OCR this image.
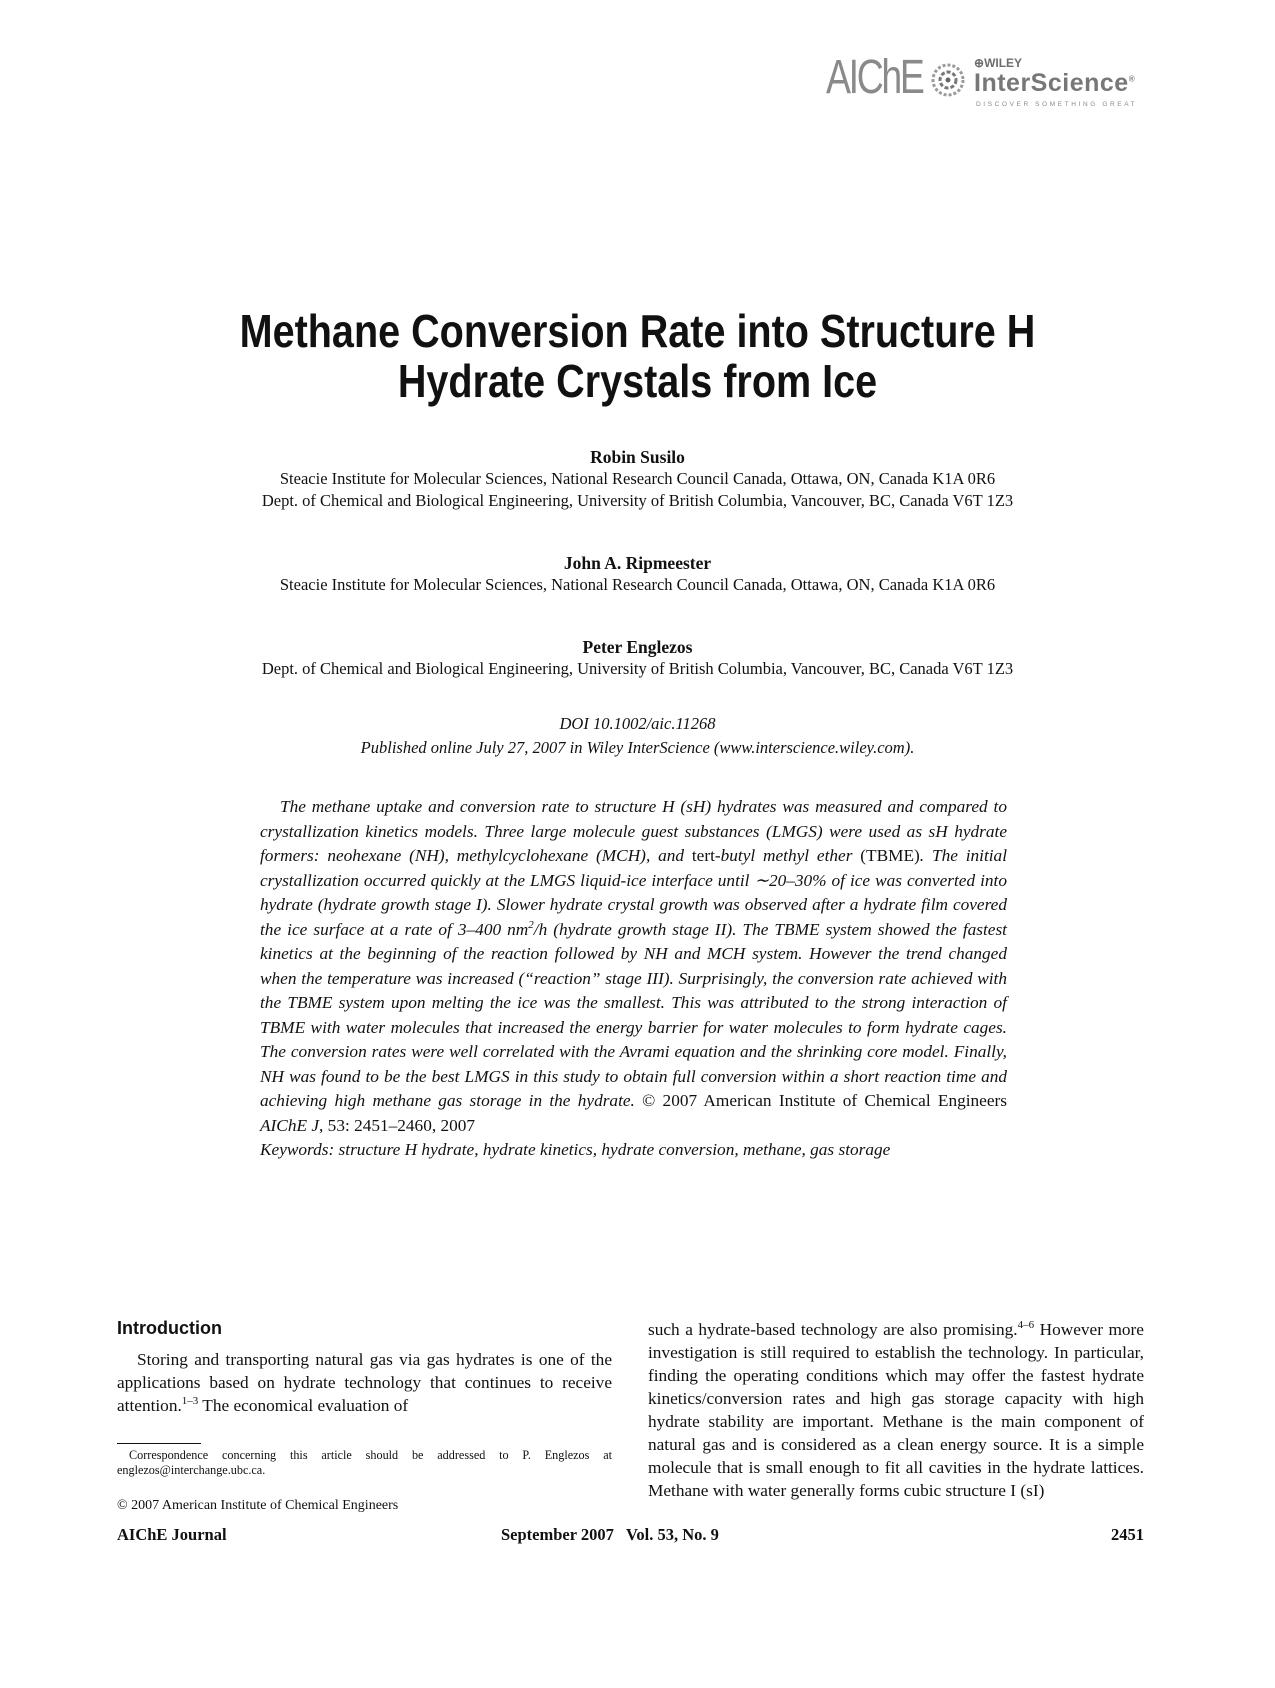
AIChE	⊕WILEY
InterScience®
DISCOVER SOMETHING GREAT
Methane Conversion Rate into Structure H
Hydrate Crystals from Ice
Robin Susilo
Steacie Institute for Molecular Sciences, National Research Council Canada, Ottawa, ON, Canada K1A 0R6
Dept. of Chemical and Biological Engineering, University of British Columbia, Vancouver, BC, Canada V6T 1Z3
John A. Ripmeester
Steacie Institute for Molecular Sciences, National Research Council Canada, Ottawa, ON, Canada K1A 0R6
Peter Englezos
Dept. of Chemical and Biological Engineering, University of British Columbia, Vancouver, BC, Canada V6T 1Z3
DOI 10.1002/aic.11268
Published online July 27, 2007 in Wiley InterScience (www.interscience.wiley.com).

The methane uptake and conversion rate to structure H (sH) hydrates was measured and compared to crystallization kinetics models. Three large molecule guest substances (LMGS) were used as sH hydrate formers: neohexane (NH), methylcyclohexane (MCH), and tert-butyl methyl ether (TBME). The initial crystallization occurred quickly at the LMGS liquid-ice interface until ∼20–30% of ice was converted into hydrate (hydrate growth stage I). Slower hydrate crystal growth was observed after a hydrate film covered the ice surface at a rate of 3–400 $nm^2/h$ (hydrate growth stage II). The TBME system showed the fastest kinetics at the beginning of the reaction followed by NH and MCH system. However the trend changed when the temperature was increased (“reaction” stage III). Surprisingly, the conversion rate achieved with the TBME system upon melting the ice was the smallest. This was attributed to the strong interaction of TBME with water molecules that increased the energy barrier for water molecules to form hydrate cages. The conversion rates were well correlated with the Avrami equation and the shrinking core model. Finally, NH was found to be the best LMGS in this study to obtain full conversion within a short reaction time and achieving high methane gas storage in the hydrate. © 2007 American Institute of Chemical Engineers AIChE J, 53: 2451–2460, 2007

Keywords: structure H hydrate, hydrate kinetics, hydrate conversion, methane, gas storage

Introduction

Storing and transporting natural gas via gas hydrates is one of the applications based on hydrate technology that continues to receive attention.$^{1-3}$ The economical evaluation of

Correspondence concerning this article should be addressed to P. Englezos at englezos@interchange.ubc.ca.
© 2007 American Institute of Chemical Engineers

such a hydrate-based technology are also promising.$^{4-6}$ However more investigation is still required to establish the technology. In particular, finding the operating conditions which may offer the fastest hydrate kinetics/conversion rates and high gas storage capacity with high hydrate stability are important. Methane is the main component of natural gas and is considered as a clean energy source. It is a simple molecule that is small enough to fit all cavities in the hydrate lattices. Methane with water generally forms cubic structure I (sI)

AIChE Journal	September 2007   Vol. 53, No. 9	2451
